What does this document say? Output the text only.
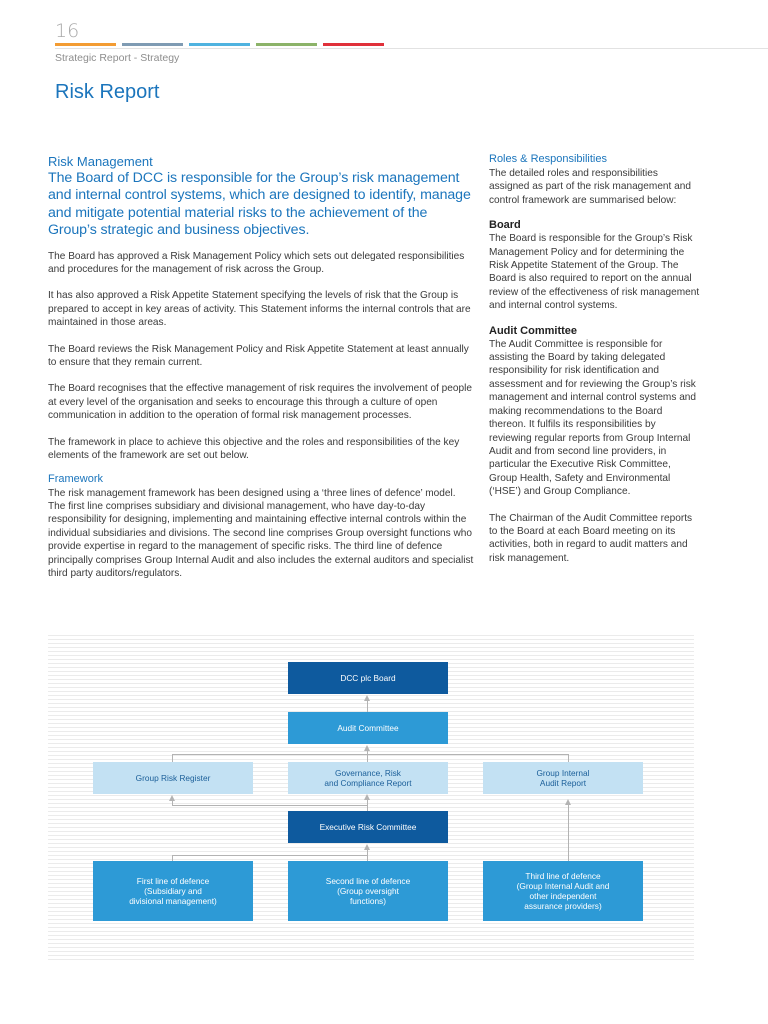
16
Strategic Report - Strategy
Risk Report

Risk Management

The Board of DCC is responsible for the Group’s risk management and internal control systems, which are designed to identify, manage and mitigate potential material risks to the achievement of the Group’s strategic and business objectives.

The Board has approved a Risk Management Policy which sets out delegated responsibilities and procedures for the management of risk across the Group.

It has also approved a Risk Appetite Statement specifying the levels of risk that the Group is prepared to accept in key areas of activity. This Statement informs the internal controls that are maintained in those areas.

The Board reviews the Risk Management Policy and Risk Appetite Statement at least annually to ensure that they remain current.

The Board recognises that the effective management of risk requires the involvement of people at every level of the organisation and seeks to encourage this through a culture of open communication in addition to the operation of formal risk management processes.

The framework in place to achieve this objective and the roles and responsibilities of the key elements of the framework are set out below.

Framework

The risk management framework has been designed using a ‘three lines of defence’ model. The first line comprises subsidiary and divisional management, who have day-to-day responsibility for designing, implementing and maintaining effective internal controls within the individual subsidiaries and divisions. The second line comprises Group oversight functions who provide expertise in regard to the management of specific risks. The third line of defence principally comprises Group Internal Audit and also includes the external auditors and specialist third party auditors/regulators.

Roles & Responsibilities

The detailed roles and responsibilities assigned as part of the risk management and control framework are summarised below:

Board

The Board is responsible for the Group’s Risk Management Policy and for determining the Risk Appetite Statement of the Group. The Board is also required to report on the annual review of the effectiveness of risk management and internal control systems.

Audit Committee

The Audit Committee is responsible for assisting the Board by taking delegated responsibility for risk identification and assessment and for reviewing the Group’s risk management and internal control systems and making recommendations to the Board thereon. It fulfils its responsibilities by reviewing regular reports from Group Internal Audit and from second line providers, in particular the Executive Risk Committee, Group Health, Safety and Environmental (‘HSE’) and Group Compliance.

The Chairman of the Audit Committee reports to the Board at each Board meeting on its activities, both in regard to audit matters and risk management.

DCC plc Board
Audit Committee
Group Risk Register
Governance, Risk
and Compliance Report
Group Internal
Audit Report
Executive Risk Committee
First line of defence
(Subsidiary and
divisional management)
Second line of defence
(Group oversight
functions)
Third line of defence
(Group Internal Audit and
other independent
assurance providers)
